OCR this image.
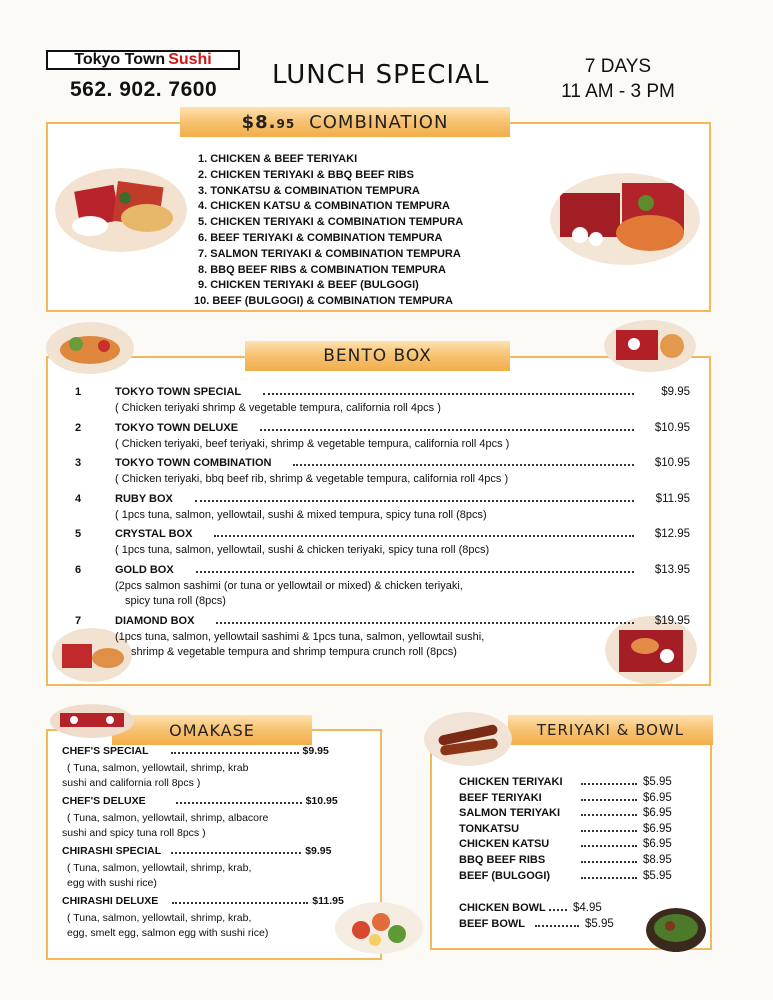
Tokyo Town Sushi
562. 902. 7600 LUNCH SPECIAL	7 DAYS
11 AM - 3 PM
$8.95 COMBINATION
1. CHICKEN & BEEF TERIYAKI
2. CHICKEN TERIYAKI & BBQ BEEF RIBS
3. TONKATSU & COMBINATION TEMPURA
4. CHICKEN KATSU & COMBINATION TEMPURA
5. CHICKEN TERIYAKI & COMBINATION TEMPURA
6. BEEF TERIYAKI & COMBINATION TEMPURA
7. SALMON TERIYAKI & COMBINATION TEMPURA
8. BBQ BEEF RIBS & COMBINATION TEMPURA
9. CHICKEN TERIYAKI & BEEF (BULGOGI)
10. BEEF (BULGOGI) & COMBINATION TEMPURA
BENTO BOX
1	TOKYO TOWN SPECIAL	$9.95
( Chicken teriyaki shrimp & vegetable tempura, california roll 4pcs )
2	TOKYO TOWN DELUXE	$10.95
( Chicken teriyaki, beef teriyaki, shrimp & vegetable tempura, california roll 4pcs )
3	TOKYO TOWN COMBINATION	$10.95
( Chicken teriyaki, bbq beef rib, shrimp & vegetable tempura, california roll 4pcs )
4	RUBY BOX	$11.95
( 1pcs tuna, salmon, yellowtail, sushi & mixed tempura, spicy tuna roll (8pcs)
5	CRYSTAL BOX	$12.95
( 1pcs tuna, salmon, yellowtail, sushi & chicken teriyaki, spicy tuna roll (8pcs)
6	GOLD BOX	$13.95
(2pcs salmon sashimi (or tuna or yellowtail or mixed) & chicken teriyaki,
spicy tuna roll (8pcs)
7	DIAMOND BOX	$19.95
(1pcs tuna, salmon, yellowtail sashimi & 1pcs tuna, salmon, yellowtail sushi,
shrimp & vegetable tempura and shrimp tempura crunch roll (8pcs)
OMAKASE
CHEF'S SPECIAL	$9.95
( Tuna, salmon, yellowtail, shrimp, krab
sushi and california roll 8pcs )
CHEF'S DELUXE	$10.95
( Tuna, salmon, yellowtail, shrimp, albacore
sushi and spicy tuna roll 8pcs )
CHIRASHI SPECIAL	$9.95
( Tuna, salmon, yellowtail, shrimp, krab,
egg with sushi rice)
CHIRASHI DELUXE	$11.95
( Tuna, salmon, yellowtail, shrimp, krab,
egg, smelt egg, salmon egg with sushi rice)
TERIYAKI & BOWL
CHICKEN TERIYAKI	$5.95
BEEF TERIYAKI	$6.95
SALMON TERIYAKI	$6.95
TONKATSU	$6.95
CHICKEN KATSU	$6.95
BBQ BEEF RIBS	$8.95
BEEF (BULGOGI)	$5.95
CHICKEN BOWL $4.95
BEEF BOWL	$5.95
